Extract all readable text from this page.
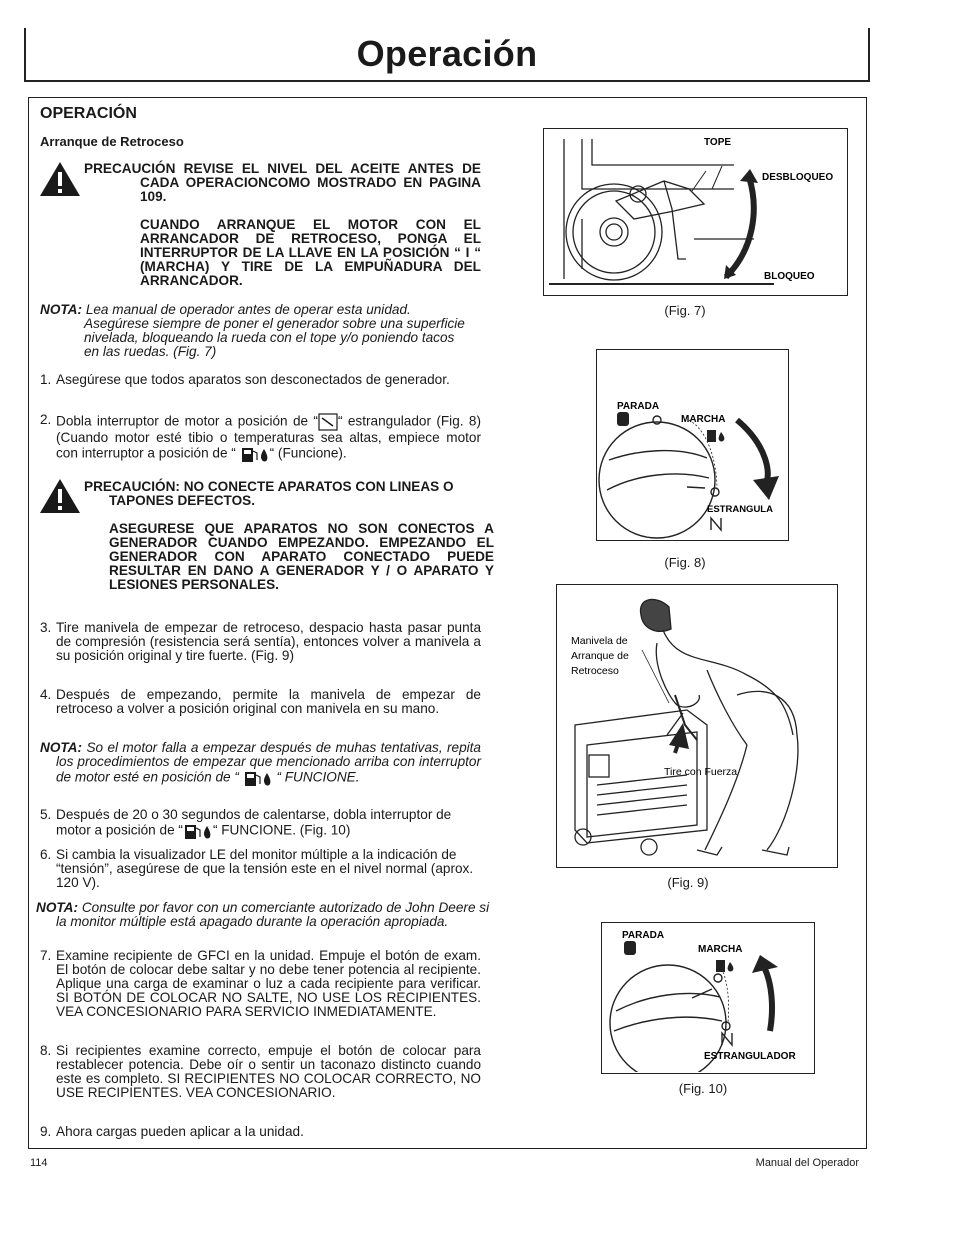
Operación
OPERACIÓN
Arranque de Retroceso

PRECAUCIÓN REVISE EL NIVEL DEL ACEITE ANTES DE CADA OPERACIONCOMO MOSTRADO EN PAGINA 109.

CUANDO ARRANQUE EL MOTOR CON EL ARRANCADOR DE RETROCESO, PONGA EL INTERRUPTOR DE LA LLAVE EN LA POSICIÓN “ I “ (MARCHA) Y TIRE DE LA EMPUÑADURA DEL ARRANCADOR.

NOTA: Lea manual de operador antes de operar esta unidad. Asegúrese siempre de poner el generador sobre una superficie nivelada, bloqueando la rueda con el tope y/o poniendo tacos en las ruedas. (Fig. 7)

1. Asegúrese que todos aparatos son desconectados de generador.

2. Dobla interruptor de motor a posición de “ “ estrangulador (Fig. 8) (Cuando motor esté tibio o temperaturas sea altas, empiece motor con interruptor a posición de “ “ (Funcione).

PRECAUCIÓN: NO CONECTE APARATOS CON LINEAS O TAPONES DEFECTOS.

ASEGURESE QUE APARATOS NO SON CONECTOS A GENERADOR CUANDO EMPEZANDO. EMPEZANDO EL GENERADOR CON APARATO CONECTADO PUEDE RESULTAR EN DANO A GENERADOR Y / O APARATO Y LESIONES PERSONALES.

3. Tire manivela de empezar de retroceso, despacio hasta pasar punta de compresión (resistencia será sentía), entonces volver a manivela a su posición original y tire fuerte. (Fig. 9)

4. Después de empezando, permite la manivela de empezar de retroceso a volver a posición original con manivela en su mano.

NOTA: So el motor falla a empezar después de muhas tentativas, repita los procedimientos de empezar que mencionado arriba con interruptor de motor esté en posición de “	“ FUNCIONE.

5. Después de 20 o 30 segundos de calentarse, dobla interruptor de motor a posición de “ “ FUNCIONE. (Fig. 10)

6. Si cambia la visualizador LE del monitor múltiple a la indicación de “tensión”, asegúrese de que la tensión este en el nivel normal (aprox. 120 V).

NOTA: Consulte por favor con un comerciante autorizado de John Deere si la monitor múltiple está apagado durante la operación apropiada.

7. Examine recipiente de GFCI en la unidad. Empuje el botón de exam. El botón de colocar debe saltar y no debe tener potencia al recipiente. Aplique una carga de examinar o luz a cada recipiente para verificar. SI BOTÓN DE COLOCAR NO SALTE, NO USE LOS RECIPIENTES. VEA CONCESIONARIO PARA SERVICIO INMEDIATAMENTE.

8. Si recipientes examine correcto, empuje el botón de colocar para restablecer potencia. Debe oír o sentir un taconazo distincto cuando este es completo. SI RECIPIENTES NO COLOCAR CORRECTO, NO USE RECIPIENTES. VEA CONCESIONARIO.

9. Ahora cargas pueden aplicar a la unidad.

TOPE
DESBLOQUEO
BLOQUEO
(Fig. 7)
PARADA
MARCHA
ESTRANGULA
(Fig. 8)
Manivela de
Arranque de
Retroceso
Tire con Fuerza
(Fig. 9)
PARADA
MARCHA
ESTRANGULADOR
(Fig. 10)
114	Manual del Operador
